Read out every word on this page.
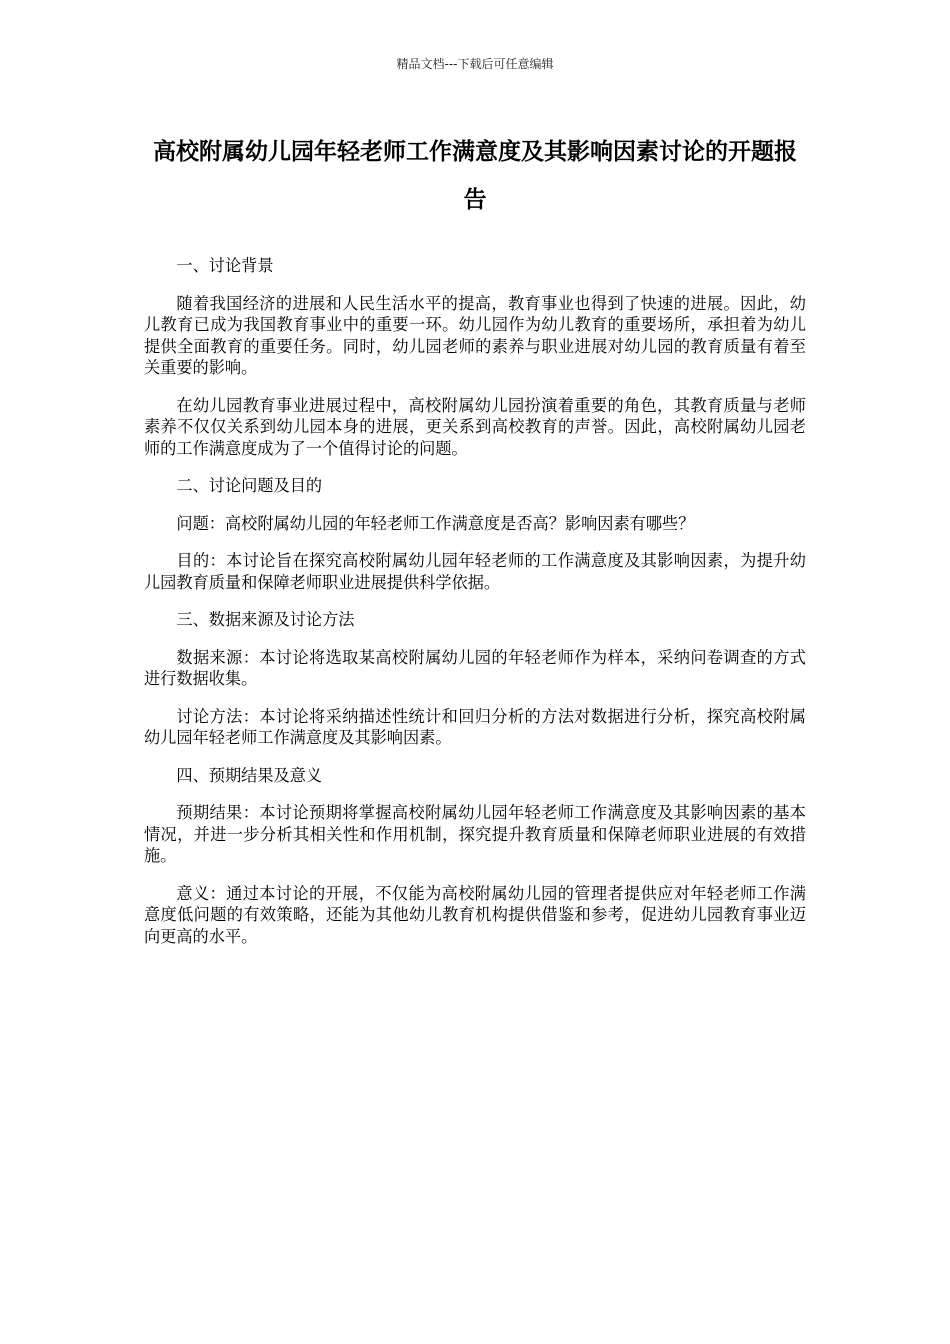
精品文档---下载后可任意编辑
高校附属幼儿园年轻老师工作满意度及其影响因素讨论的开题报告

一、讨论背景

随着我国经济的进展和人民生活水平的提高，教育事业也得到了快速的进展。因此，幼儿教育已成为我国教育事业中的重要一环。幼儿园作为幼儿教育的重要场所，承担着为幼儿提供全面教育的重要任务。同时，幼儿园老师的素养与职业进展对幼儿园的教育质量有着至关重要的影响。

在幼儿园教育事业进展过程中，高校附属幼儿园扮演着重要的角色，其教育质量与老师素养不仅仅关系到幼儿园本身的进展，更关系到高校教育的声誉。因此，高校附属幼儿园老师的工作满意度成为了一个值得讨论的问题。

二、讨论问题及目的

问题：高校附属幼儿园的年轻老师工作满意度是否高？影响因素有哪些？

目的：本讨论旨在探究高校附属幼儿园年轻老师的工作满意度及其影响因素，为提升幼儿园教育质量和保障老师职业进展提供科学依据。

三、数据来源及讨论方法

数据来源：本讨论将选取某高校附属幼儿园的年轻老师作为样本，采纳问卷调查的方式进行数据收集。

讨论方法：本讨论将采纳描述性统计和回归分析的方法对数据进行分析，探究高校附属幼儿园年轻老师工作满意度及其影响因素。

四、预期结果及意义

预期结果：本讨论预期将掌握高校附属幼儿园年轻老师工作满意度及其影响因素的基本情况，并进一步分析其相关性和作用机制，探究提升教育质量和保障老师职业进展的有效措施。

意义：通过本讨论的开展，不仅能为高校附属幼儿园的管理者提供应对年轻老师工作满意度低问题的有效策略，还能为其他幼儿教育机构提供借鉴和参考，促进幼儿园教育事业迈向更高的水平。
